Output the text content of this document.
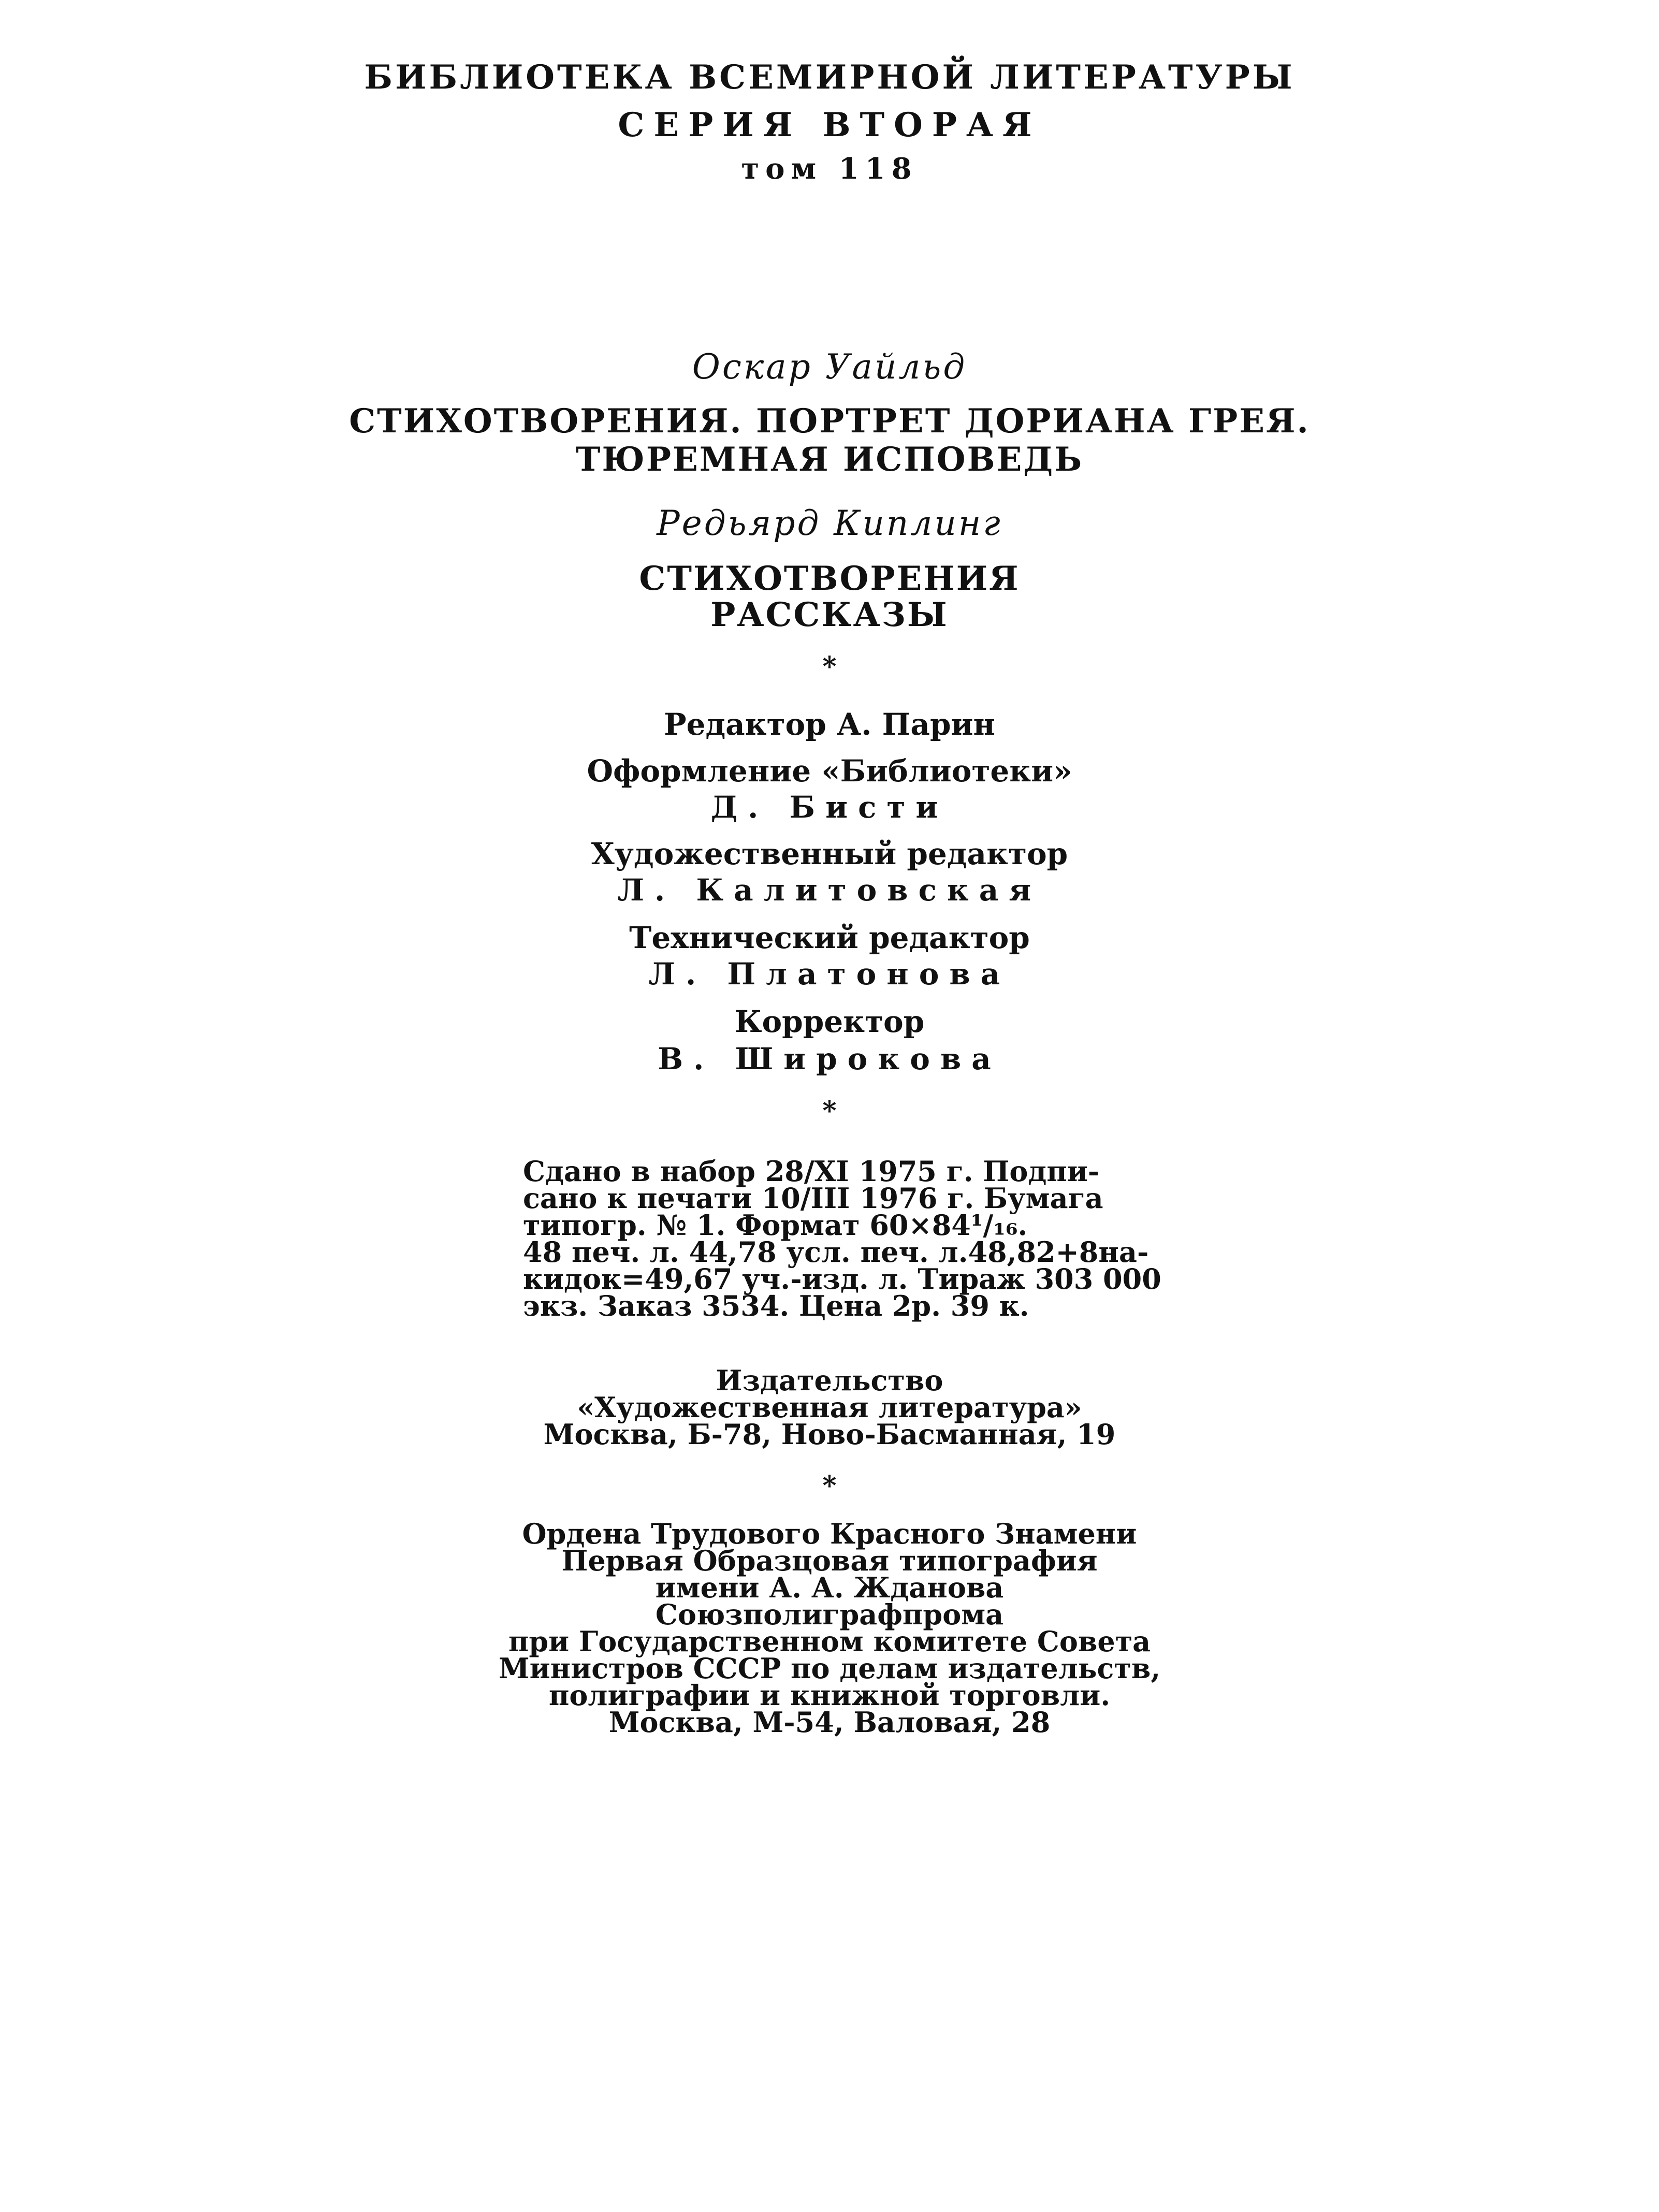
БИБЛИОТЕКА ВСЕМИРНОЙ ЛИТЕРАТУРЫ
СЕРИЯ ВТОРАЯ
том 118
Оскар Уайльд
СТИХОТВОРЕНИЯ. ПОРТРЕТ ДОРИАНА ГРЕЯ.
ТЮРЕМНАЯ ИСПОВЕДЬ
Редьярд Киплинг
СТИХОТВОРЕНИЯ
РАССКАЗЫ
*
Редактор А. Парин
Оформление «Библиотеки»
Д. Бисти
Художественный редактор
Л. Калитовская
Технический редактор
Л. Платонова
Корректор
В. Широкова
*
Сдано в набор 28/XI 1975 г. Подпи-
сано к печати 10/III 1976 г. Бумага
типогр. № 1. Формат 60×84¹/₁₆.
48 печ. л. 44,78 усл. печ. л.48,82+8на-
кидок=49,67 уч.-изд. л. Тираж 303 000
экз. Заказ 3534. Цена 2р. 39 к.
Издательство
«Художественная литература»
Москва, Б-78, Ново-Басманная, 19
*
Ордена Трудового Красного Знамени
Первая Образцовая типография
имени А. А. Жданова
Союзполиграфпрома
при Государственном комитете Совета
Министров СССР по делам издательств,
полиграфии и книжной торговли.
Москва, М-54, Валовая, 28
